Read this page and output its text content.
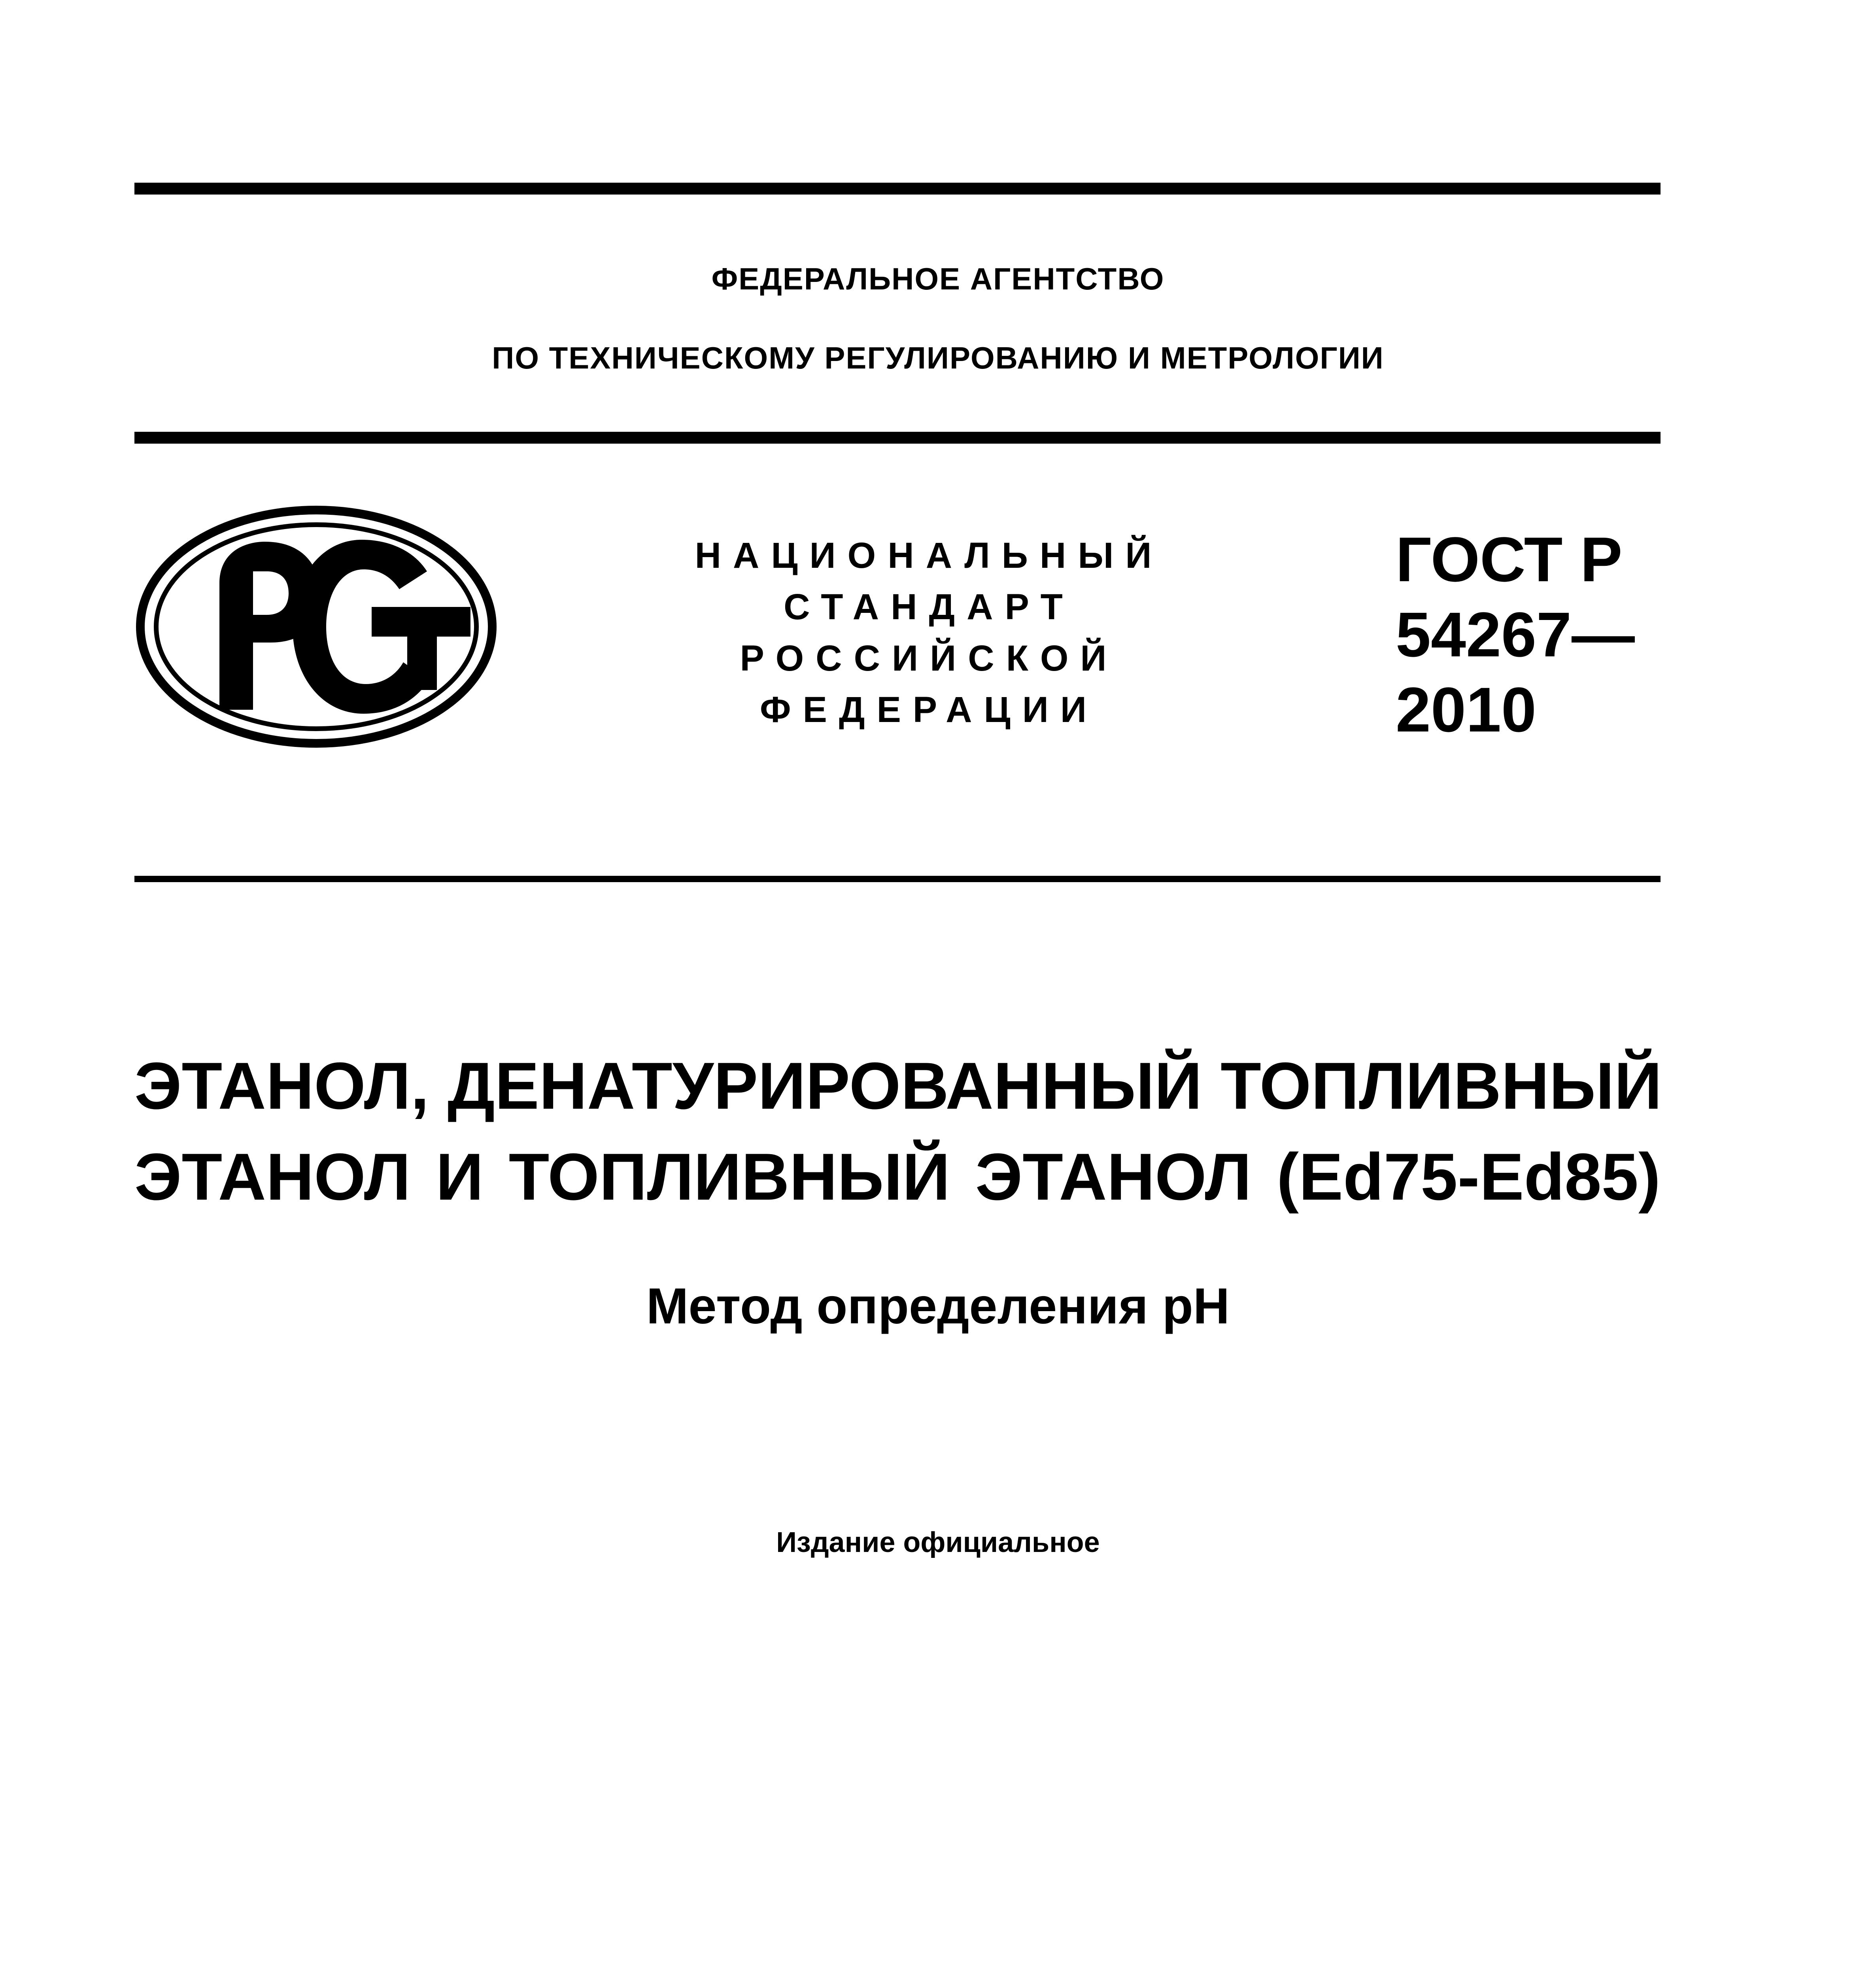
ФЕДЕРАЛЬНОЕ АГЕНТСТВО
ПО ТЕХНИЧЕСКОМУ РЕГУЛИРОВАНИЮ И МЕТРОЛОГИИ
НАЦИОНАЛЬНЫЙ
СТАНДАРТ
РОССИЙСКОЙ
ФЕДЕРАЦИИ
ГОСТ Р
54267—
2010
ЭТАНОЛ, ДЕНАТУРИРОВАННЫЙ ТОПЛИВНЫЙ
ЭТАНОЛ И ТОПЛИВНЫЙ ЭТАНОЛ (Ed75-Ed85)
Метод определения pH
Издание официальное
